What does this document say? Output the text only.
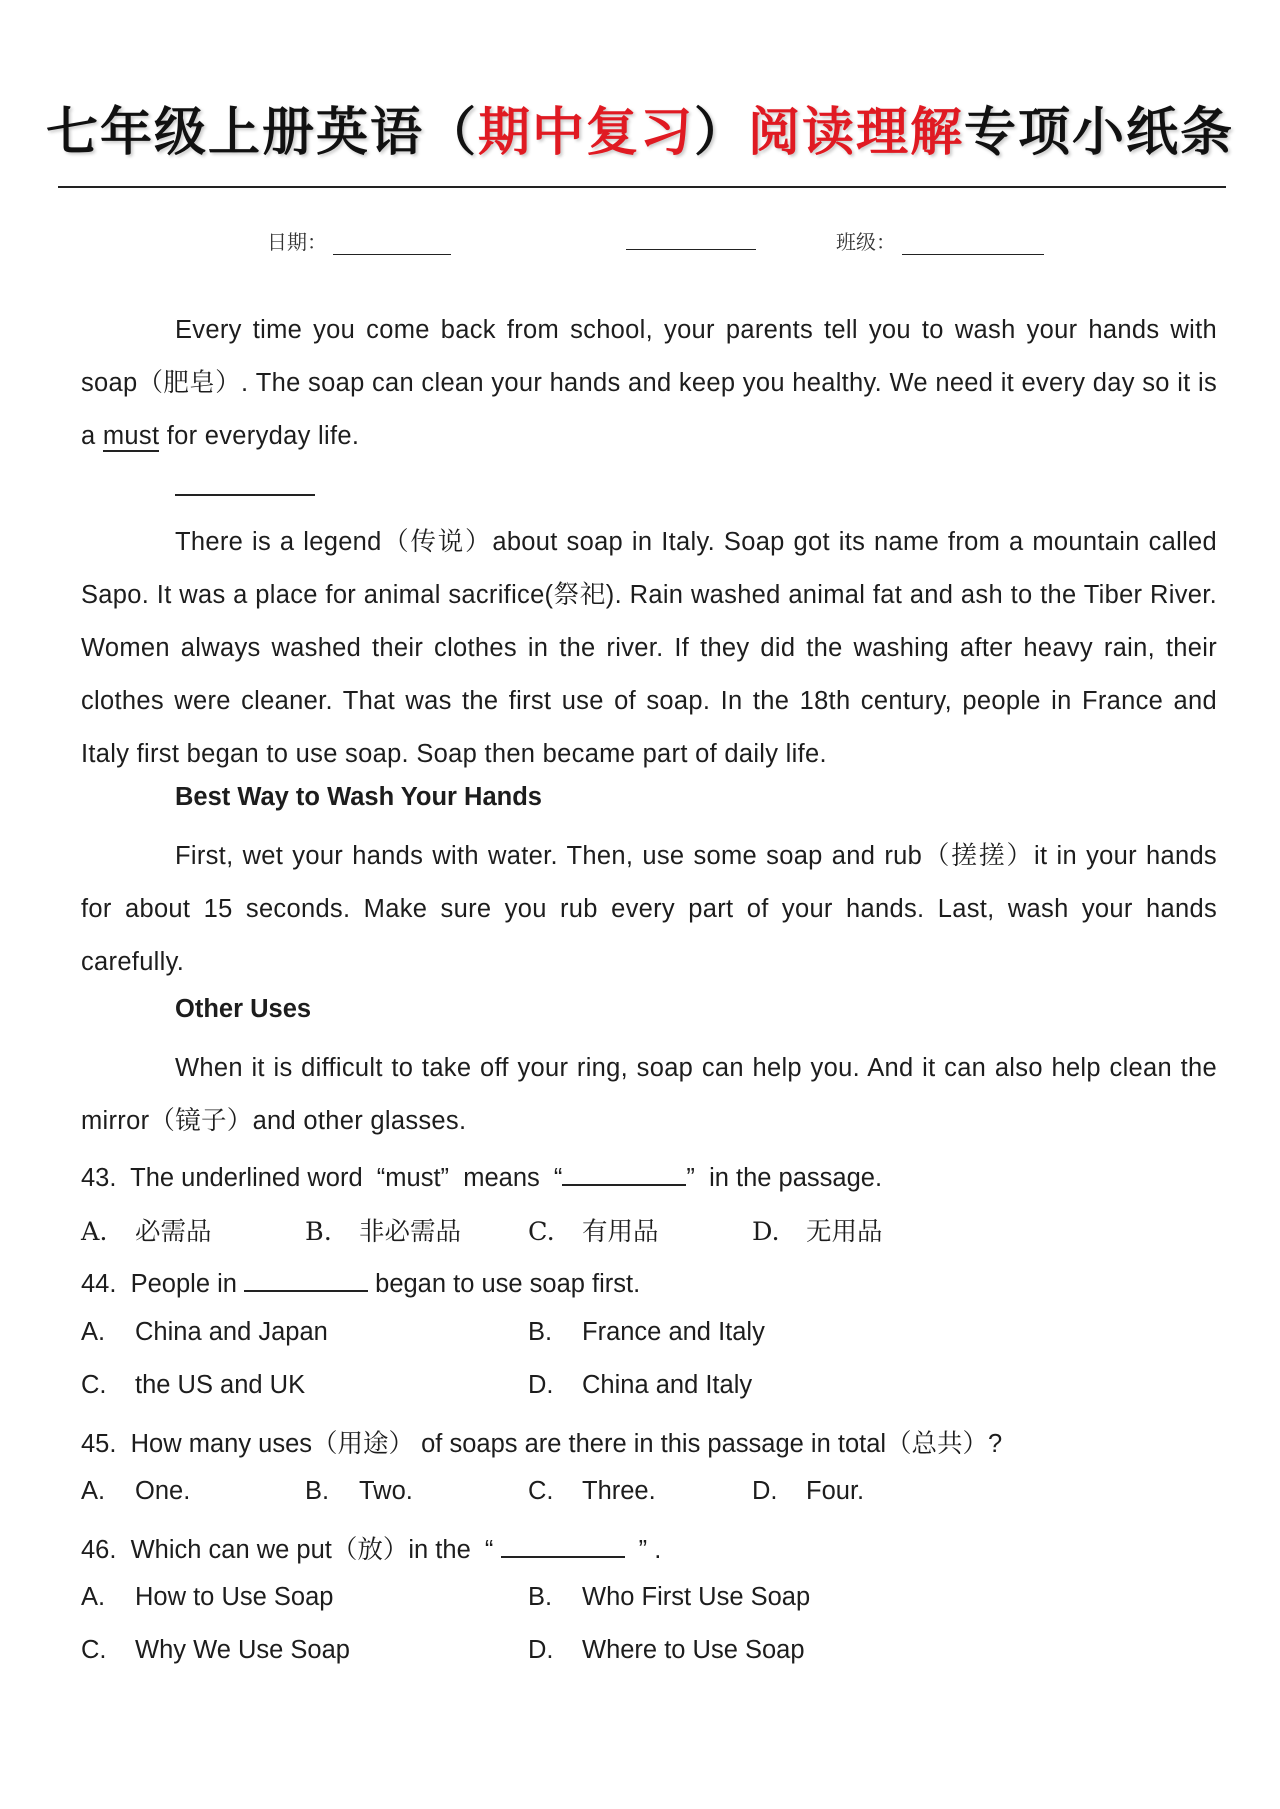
七年级上册英语（期中复习）阅读理解专项小纸条
日期：	班级：
Every time you come back from school, your parents tell you to wash your hands with soap（肥皂）. The soap can clean your hands and keep you healthy. We need it every day so it is a must for everyday life.
There is a legend（传说）about soap in Italy. Soap got its name from a mountain called Sapo. It was a place for animal sacrifice(祭祀). Rain washed animal fat and ash to the Tiber River. Women always washed their clothes in the river. If they did the washing after heavy rain, their clothes were cleaner. That was the first use of soap. In the 18th century, people in France and Italy first began to use soap. Soap then became part of daily life.
Best Way to Wash Your Hands
First, wet your hands with water. Then, use some soap and rub（搓搓）it in your hands for about 15 seconds. Make sure you rub every part of your hands. Last, wash your hands carefully.
Other Uses
When it is difficult to take off your ring, soap can help you. And it can also help clean the mirror（镜子）and other glasses.
43.  The underlined word  “must”  means  “	”  in the passage.
A. 必需品	B. 非必需品	C. 有用品	D. 无用品
44.  People in	began to use soap first.
A. China and Japan	B. France and Italy
C. the US and UK	D. China and Italy
45.  How many uses（用途） of soaps are there in this passage in total（总共）?
A. One.	B. Two.	C. Three.	D. Four.
46.  Which can we put（放）in the  “	” .
A. How to Use Soap	B. Who First Use Soap
C. Why We Use Soap	D. Where to Use Soap
